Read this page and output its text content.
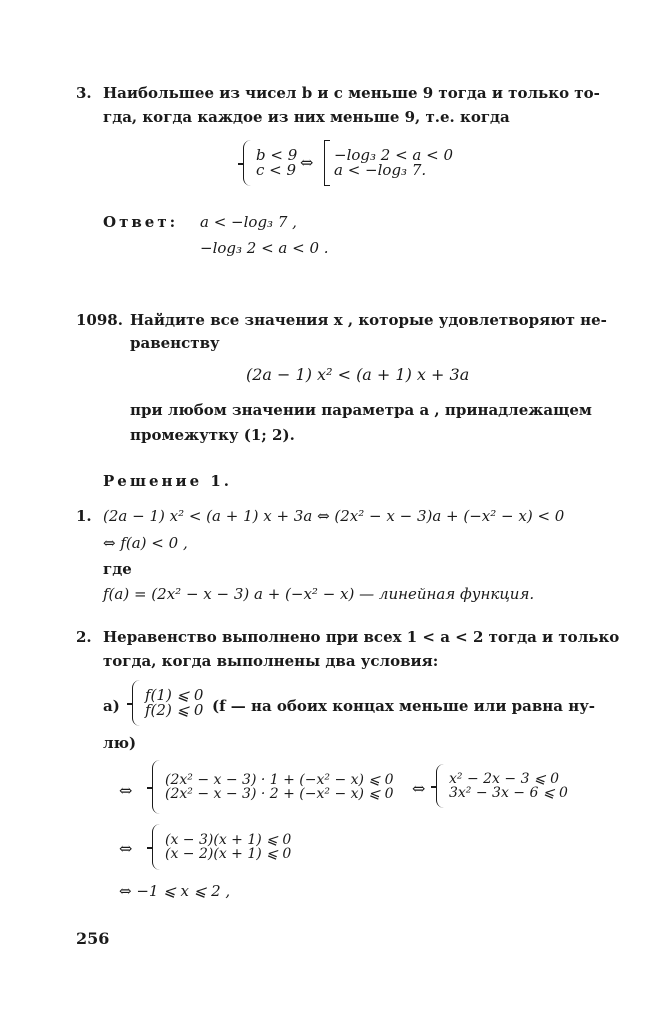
3. Наибольшее из чисел b и c меньше 9 тогда и только то-
гда, когда каждое из них меньше 9, т.е. когда
b < 9
c < 9 ⇔ −log₃ 2 < a < 0
a < −log₃ 7.
Ответ: a < −log₃ 7 ,
−log₃ 2 < a < 0 .
1098. Найдите все значения x , которые удовлетворяют не-
равенству
(2a − 1) x² < (a + 1) x + 3a
при любом значении параметра a , принадлежащем
промежутку (1; 2).
Решение 1.
1. (2a − 1) x² < (a + 1) x + 3a ⇔ (2x² − x − 3)a + (−x² − x) < 0
⇔ f(a) < 0 ,
где
f(a) = (2x² − x − 3) a + (−x² − x) — линейная функция.
2. Неравенство выполнено при всех 1 < a < 2 тогда и только
тогда, когда выполнены два условия:
а)
f(1) ⩽ 0
f(2) ⩽ 0 (f — на обоих концах меньше или равна ну-
лю)
⇔
(2x² − x − 3) · 1 + (−x² − x) ⩽ 0
(2x² − x − 3) · 2 + (−x² − x) ⩽ 0 ⇔ x² − 2x − 3 ⩽ 0
3x² − 3x − 6 ⩽ 0
⇔ (x − 3)(x + 1) ⩽ 0
(x − 2)(x + 1) ⩽ 0
⇔ −1 ⩽ x ⩽ 2 ,
256
